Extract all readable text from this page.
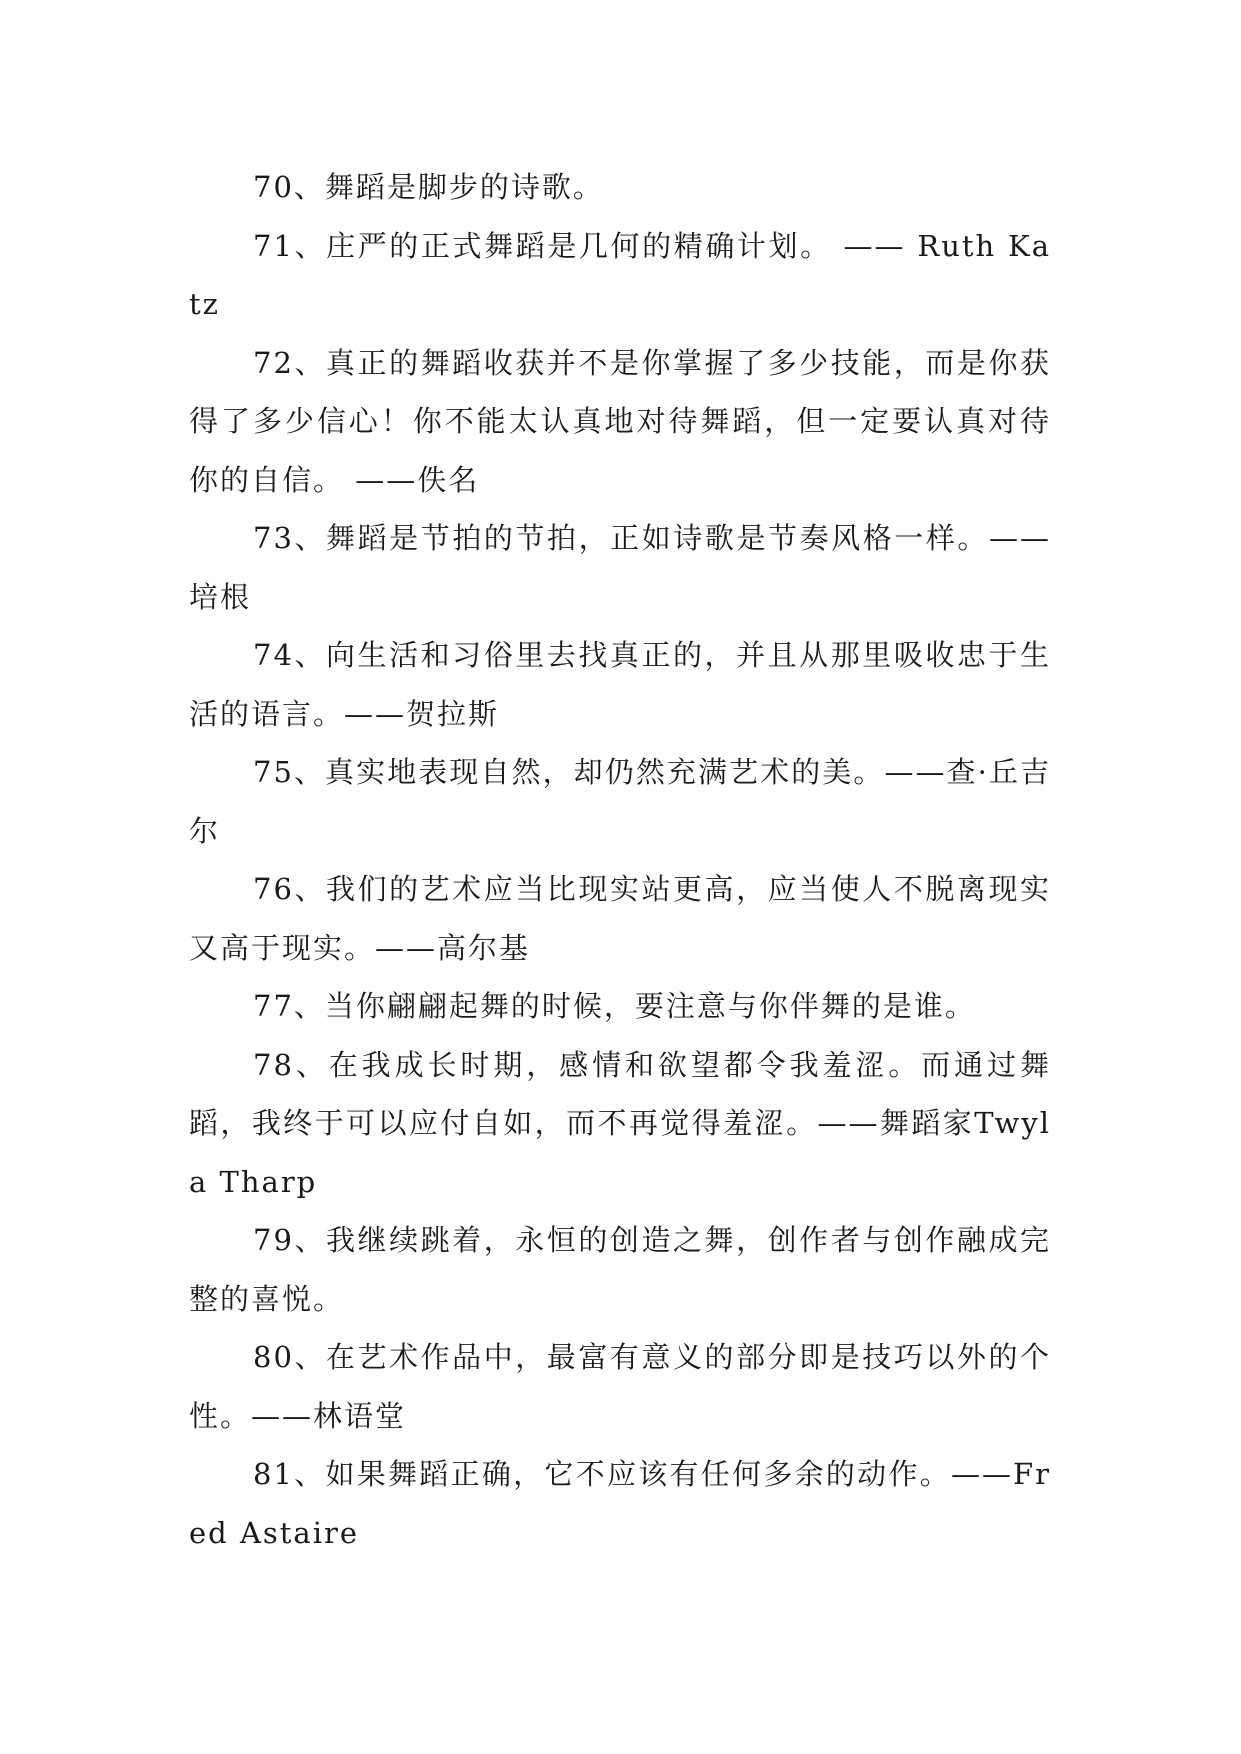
70、舞蹈是脚步的诗歌。

71、庄严的正式舞蹈是几何的精确计划。 —— Ruth Katz

72、真正的舞蹈收获并不是你掌握了多少技能，而是你获得了多少信心！你不能太认真地对待舞蹈，但一定要认真对待你的自信。 ——佚名

73、舞蹈是节拍的节拍，正如诗歌是节奏风格一样。——培根

74、向生活和习俗里去找真正的，并且从那里吸收忠于生活的语言。——贺拉斯

75、真实地表现自然，却仍然充满艺术的美。——查·丘吉尔

76、我们的艺术应当比现实站更高，应当使人不脱离现实又高于现实。——高尔基

77、当你翩翩起舞的时候，要注意与你伴舞的是谁。

78、在我成长时期，感情和欲望都令我羞涩。而通过舞蹈，我终于可以应付自如，而不再觉得羞涩。——舞蹈家Twyla Tharp

79、我继续跳着，永恒的创造之舞，创作者与创作融成完整的喜悦。

80、在艺术作品中，最富有意义的部分即是技巧以外的个性。——林语堂

81、如果舞蹈正确，它不应该有任何多余的动作。——Fred Astaire
